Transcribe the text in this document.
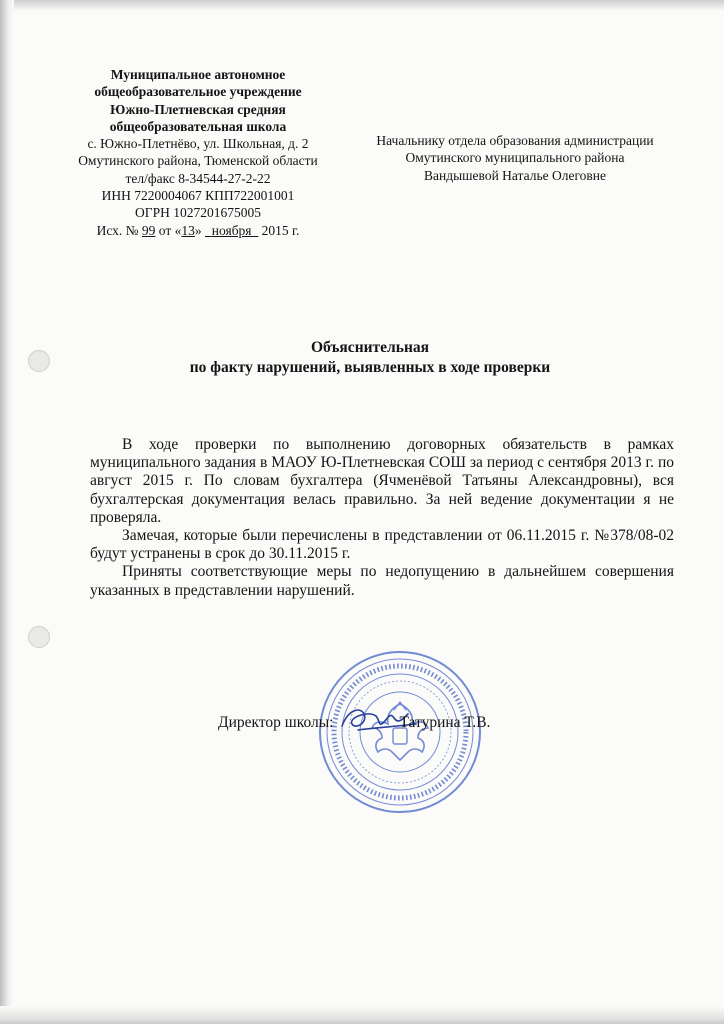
Муниципальное автономное
общеобразовательное учреждение
Южно-Плетневская средняя
общеобразовательная школа
с. Южно-Плетнёво, ул. Школьная, д. 2
Омутинского района, Тюменской области
тел/факс 8-34544-27-2-22
ИНН 7220004067 КПП722001001
ОГРН 1027201675005
Исх. № 99 от «13» ноября 2015 г.
Начальнику отдела образования администрации
Омутинского муниципального района
Вандышевой Наталье Олеговне
Объяснительная
по факту нарушений, выявленных в ходе проверки

В ходе проверки по выполнению договорных обязательств в рамках муниципального задания в МАОУ Ю-Плетневская СОШ за период с сентября 2013 г. по август 2015 г. По словам бухгалтера (Ячменёвой Татьяны Александровны), вся бухгалтерская документация велась правильно. За ней ведение документации я не проверяла.

Замечая, которые были перечислены в представлении от 06.11.2015 г. №378/08-02 будут устранены в срок до 30.11.2015 г.

Приняты соответствующие меры по недопущению в дальнейшем совершения указанных в представлении нарушений.

Директор школы:	Татурина Т.В.
